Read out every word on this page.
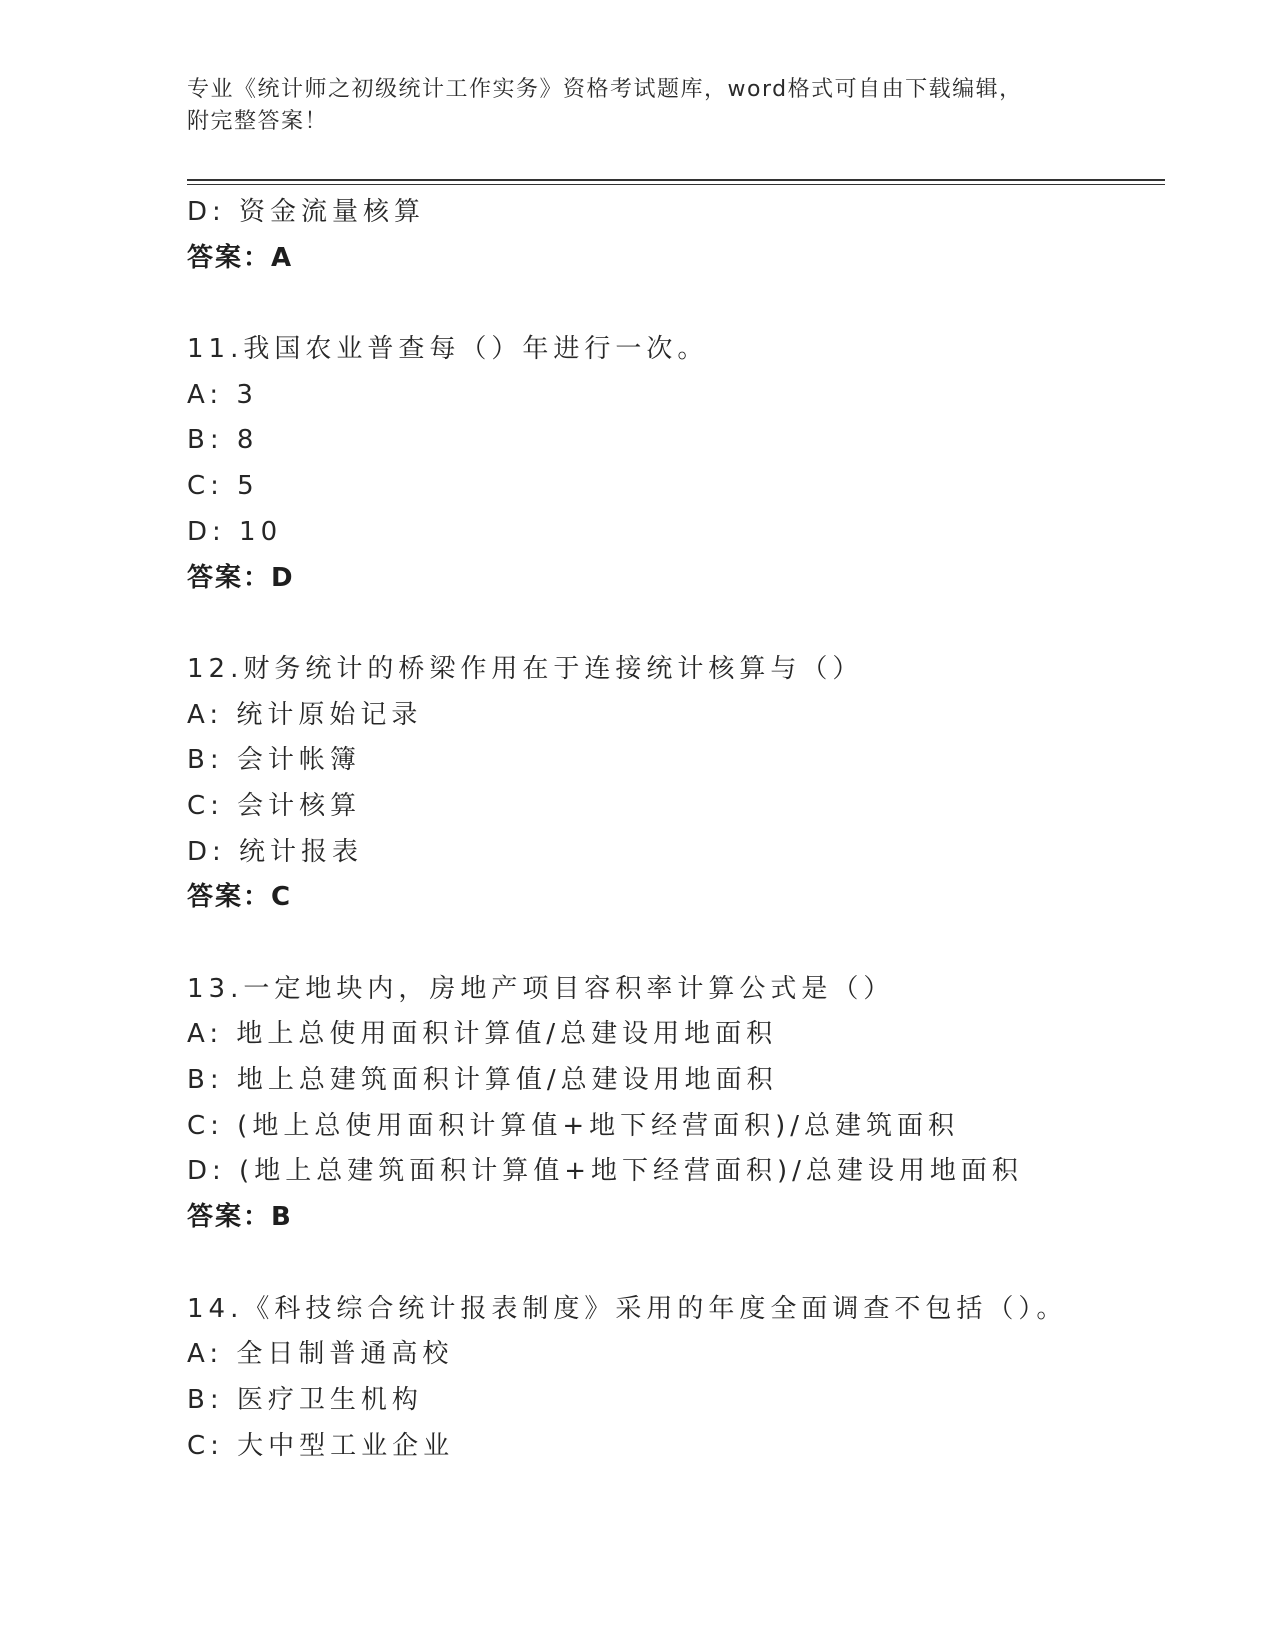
专业《统计师之初级统计工作实务》资格考试题库，word格式可自由下载编辑，
附完整答案！
D: 资金流量核算
答案：A
11.我国农业普查每（）年进行一次。
A: 3
B: 8
C: 5
D: 10
答案：D
12.财务统计的桥梁作用在于连接统计核算与（）
A: 统计原始记录
B: 会计帐簿
C: 会计核算
D: 统计报表
答案：C
13.一定地块内，房地产项目容积率计算公式是（）
A: 地上总使用面积计算值/总建设用地面积
B: 地上总建筑面积计算值/总建设用地面积
C: (地上总使用面积计算值+地下经营面积)/总建筑面积
D: (地上总建筑面积计算值+地下经营面积)/总建设用地面积
答案：B
14.《科技综合统计报表制度》采用的年度全面调查不包括（）。
A: 全日制普通高校
B: 医疗卫生机构
C: 大中型工业企业
